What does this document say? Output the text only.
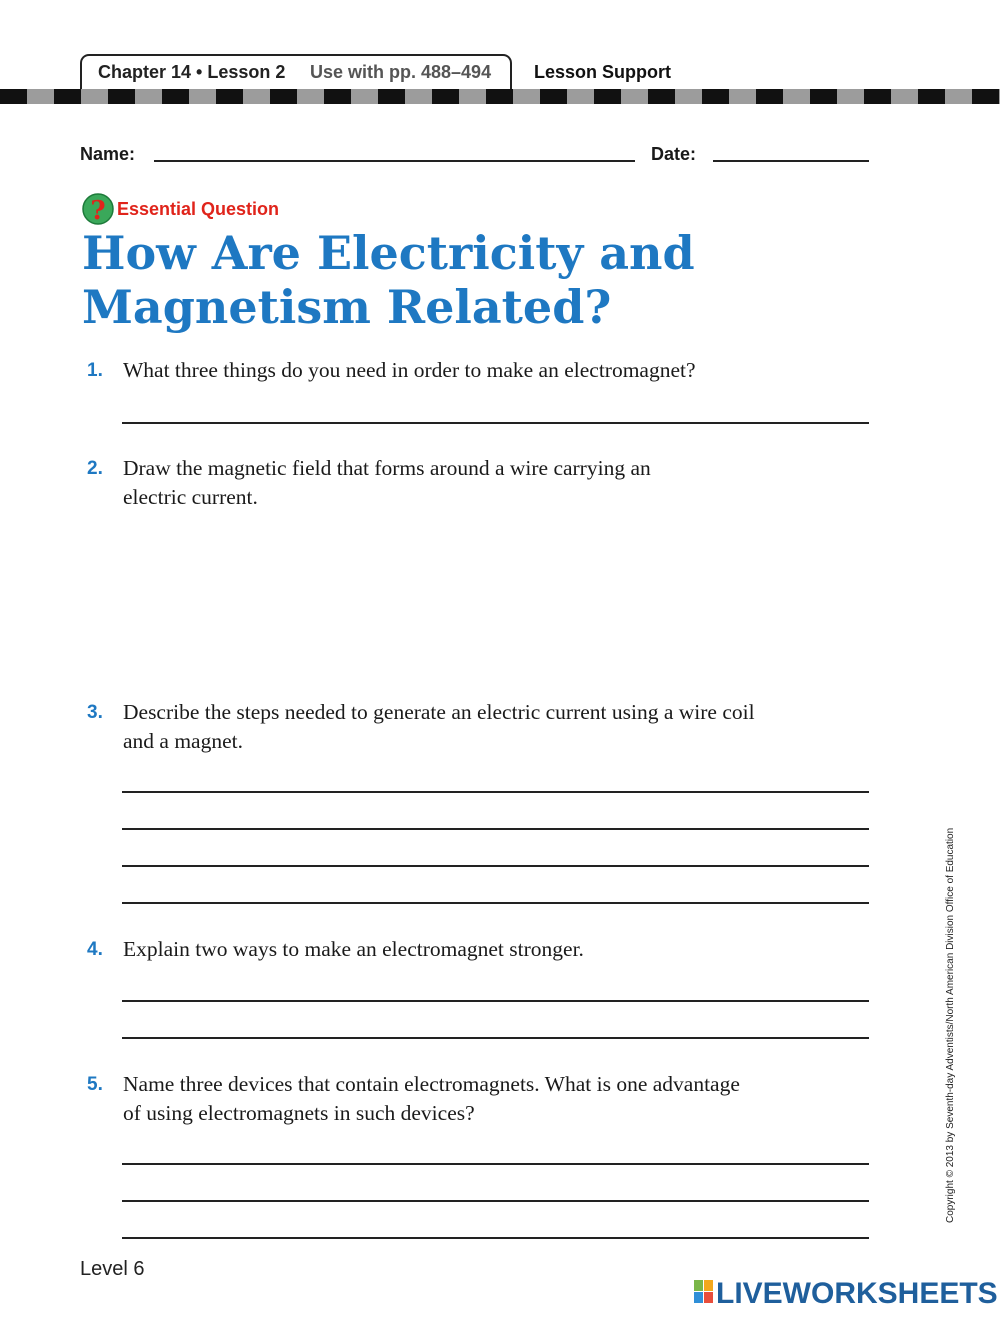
Chapter 14 • Lesson 2 Use with pp. 488–494 Lesson Support
Name:	Date:
? Essential Question
How Are Electricity and
Magnetism Related?
1. What three things do you need in order to make an electromagnet?
2. Draw the magnetic field that forms around a wire carrying an
electric current.
3. Describe the steps needed to generate an electric current using a wire coil
and a magnet.
4. Explain two ways to make an electromagnet stronger.
5. Name three devices that contain electromagnets. What is one advantage
of using electromagnets in such devices?	Copyright © 2013 by Seventh-day Adventists/North American Division Office of Education
Level 6
LIVEWORKSHEETS
